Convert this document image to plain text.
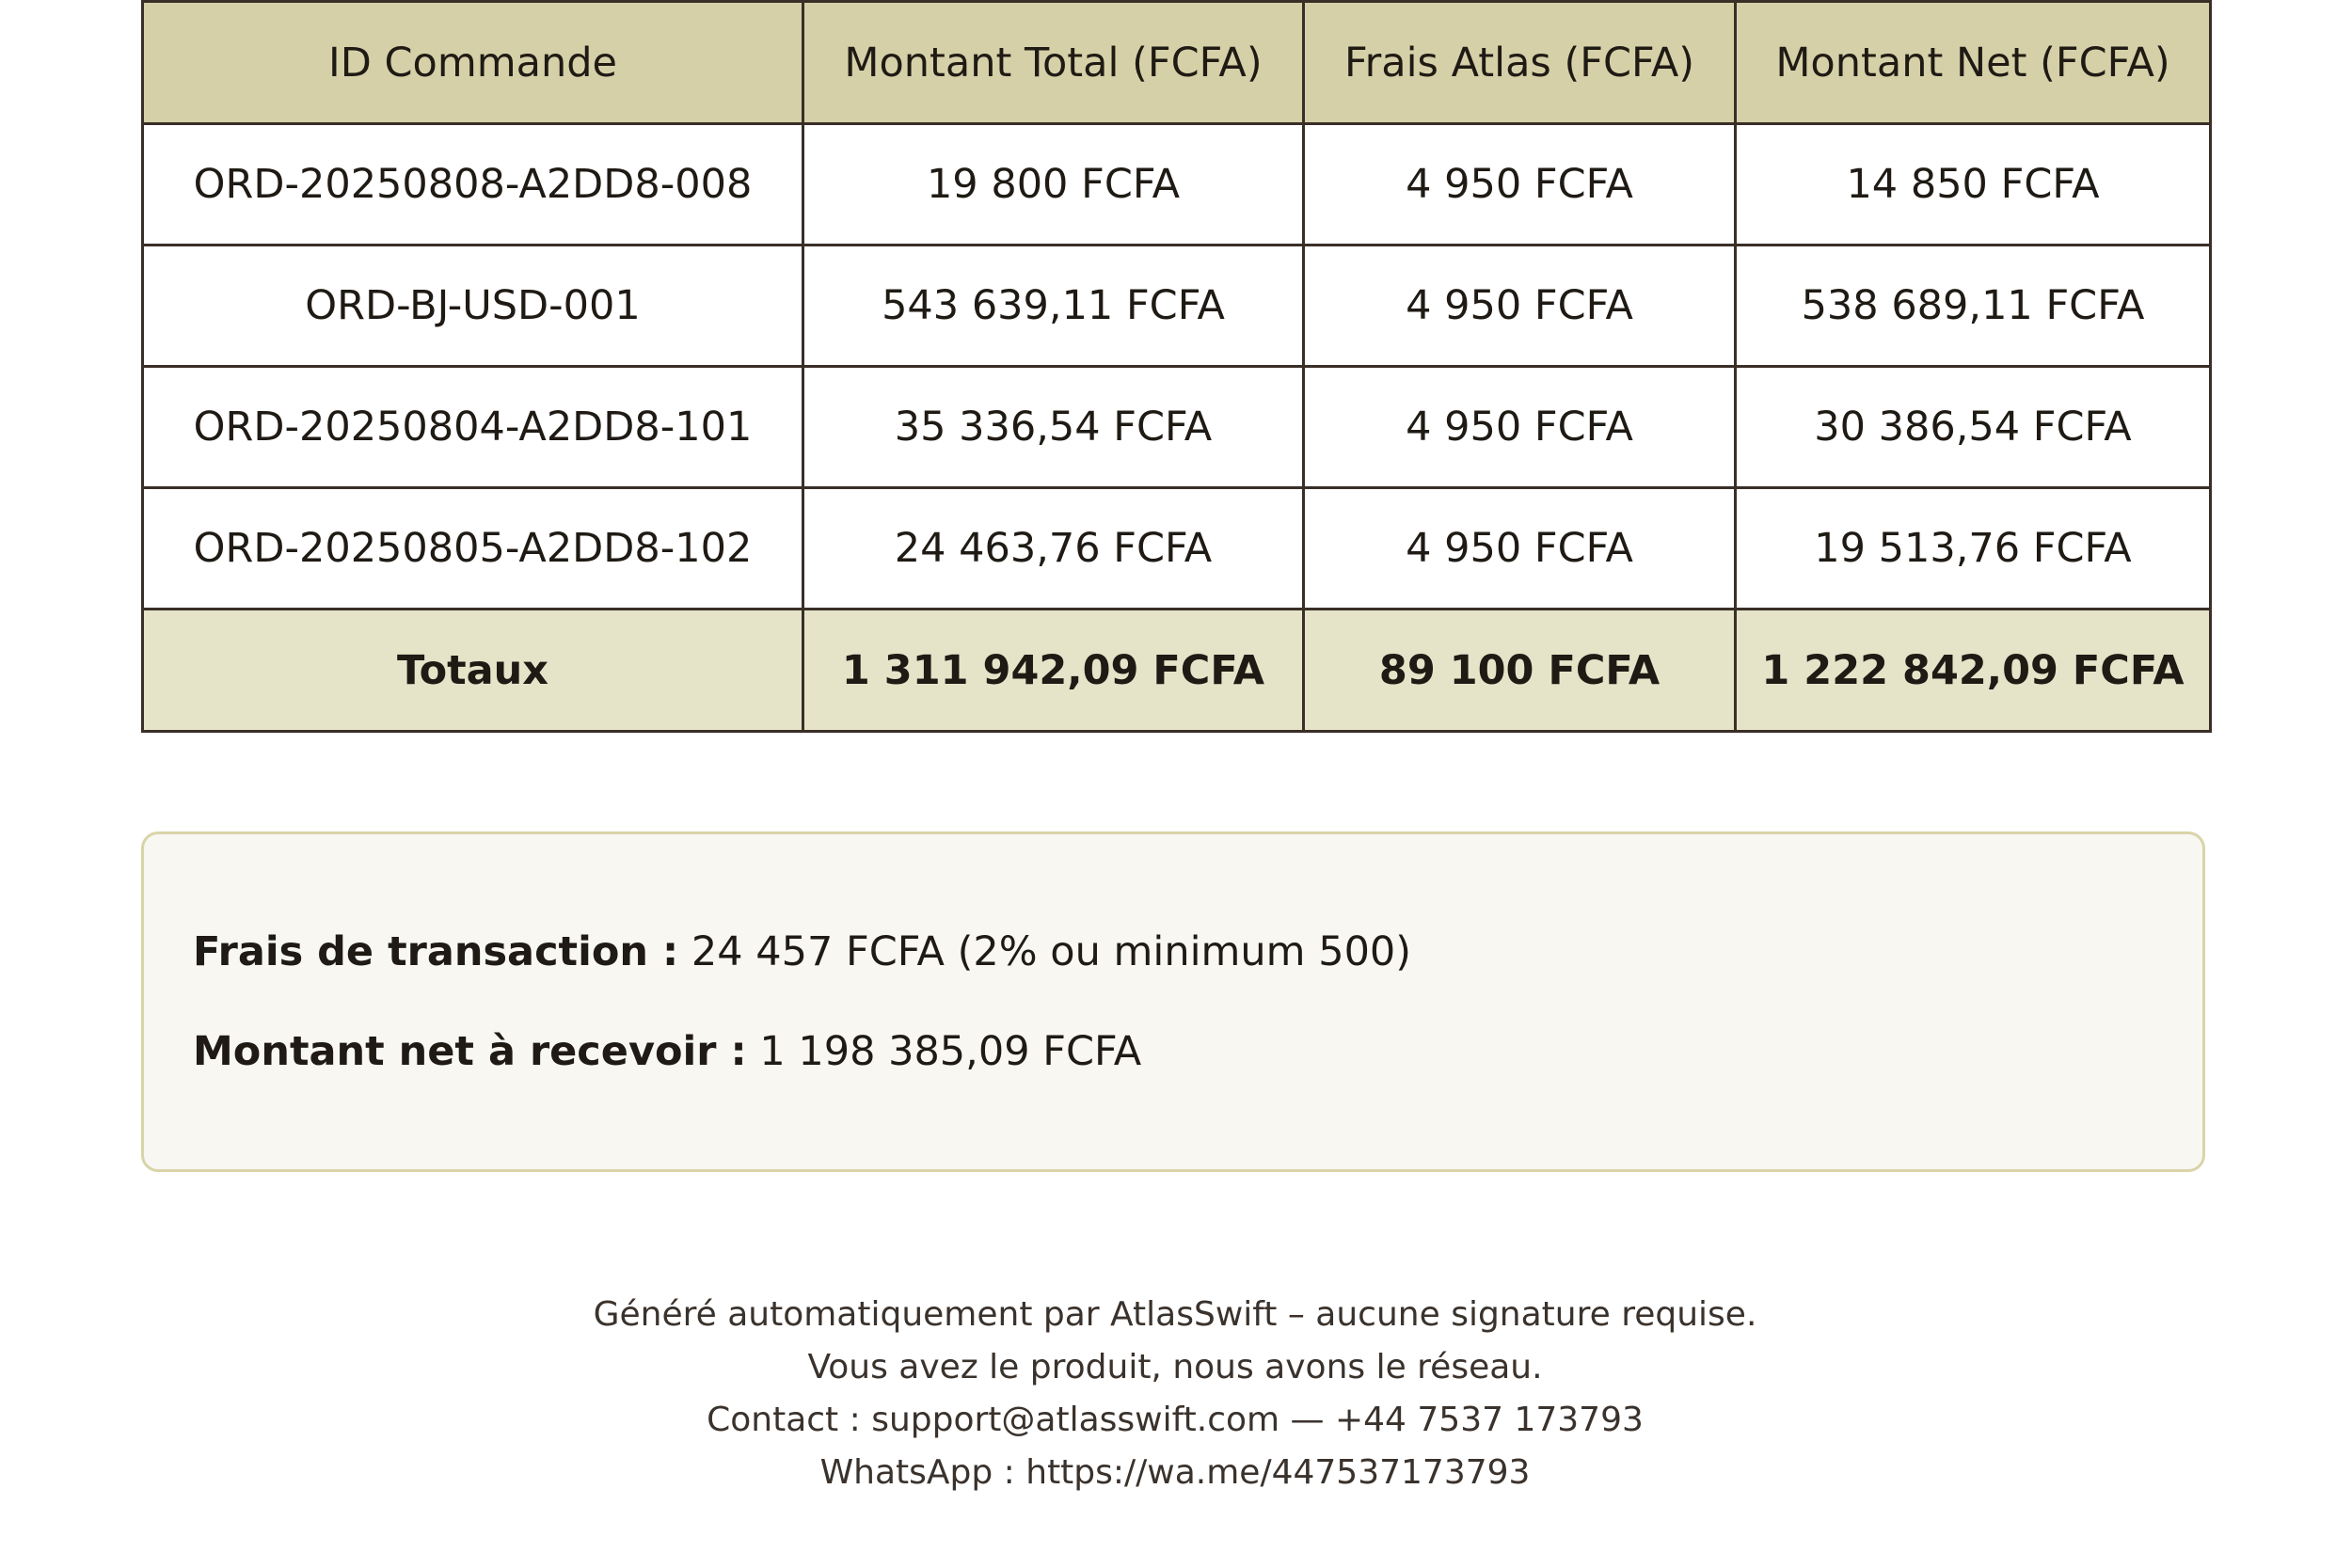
ID Commande	Montant Total (FCFA)	Frais Atlas (FCFA)	Montant Net (FCFA)
ORD-20250808-A2DD8-008	19 800 FCFA	4 950 FCFA	14 850 FCFA
ORD-BJ-USD-001	543 639,11 FCFA	4 950 FCFA	538 689,11 FCFA
ORD-20250804-A2DD8-101	35 336,54 FCFA	4 950 FCFA	30 386,54 FCFA
ORD-20250805-A2DD8-102	24 463,76 FCFA	4 950 FCFA	19 513,76 FCFA
Totaux	1 311 942,09 FCFA	89 100 FCFA	1 222 842,09 FCFA
Frais de transaction : 24 457 FCFA (2% ou minimum 500)
Montant net à recevoir : 1 198 385,09 FCFA
Généré automatiquement par AtlasSwift – aucune signature requise.
Vous avez le produit, nous avons le réseau.
Contact : support@atlasswift.com — +44 7537 173793
WhatsApp : https://wa.me/447537173793
